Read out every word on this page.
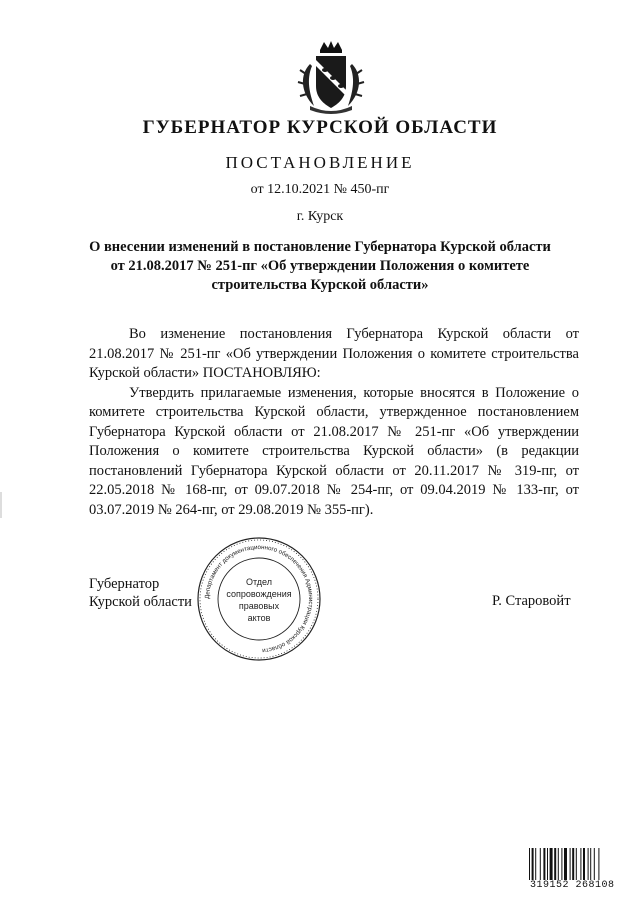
ГУБЕРНАТОР КУРСКОЙ ОБЛАСТИ
ПОСТАНОВЛЕНИЕ
от 12.10.2021 № 450-пг
г. Курск
О внесении изменений в постановление Губернатора Курской области
от 21.08.2017 № 251-пг «Об утверждении Положения о комитете
строительства Курской области»

Во изменение постановления Губернатора Курской области от 21.08.2017 № 251-пг «Об утверждении Положения о комитете строительства Курской области» ПОСТАНОВЛЯЮ:

Утвердить прилагаемые изменения, которые вносятся в Положение о комитете строительства Курской области, утвержденное постановлением Губернатора Курской области от 21.08.2017 № 251-пг «Об утверждении Положения о комитете строительства Курской области» (в редакции постановлений Губернатора Курской области от 20.11.2017 № 319-пг, от 22.05.2018 № 168-пг, от 09.07.2018 № 254-пг, от 09.04.2019 № 133-пг, от 03.07.2019 № 264-пг, от 29.08.2019 № 355-пг).

Губернатор
Курской области	Р. Старовойт
Департамент документационного обеспечения Администрации Курской области
Отдел
сопровождения
правовых
актов
319152 268108
